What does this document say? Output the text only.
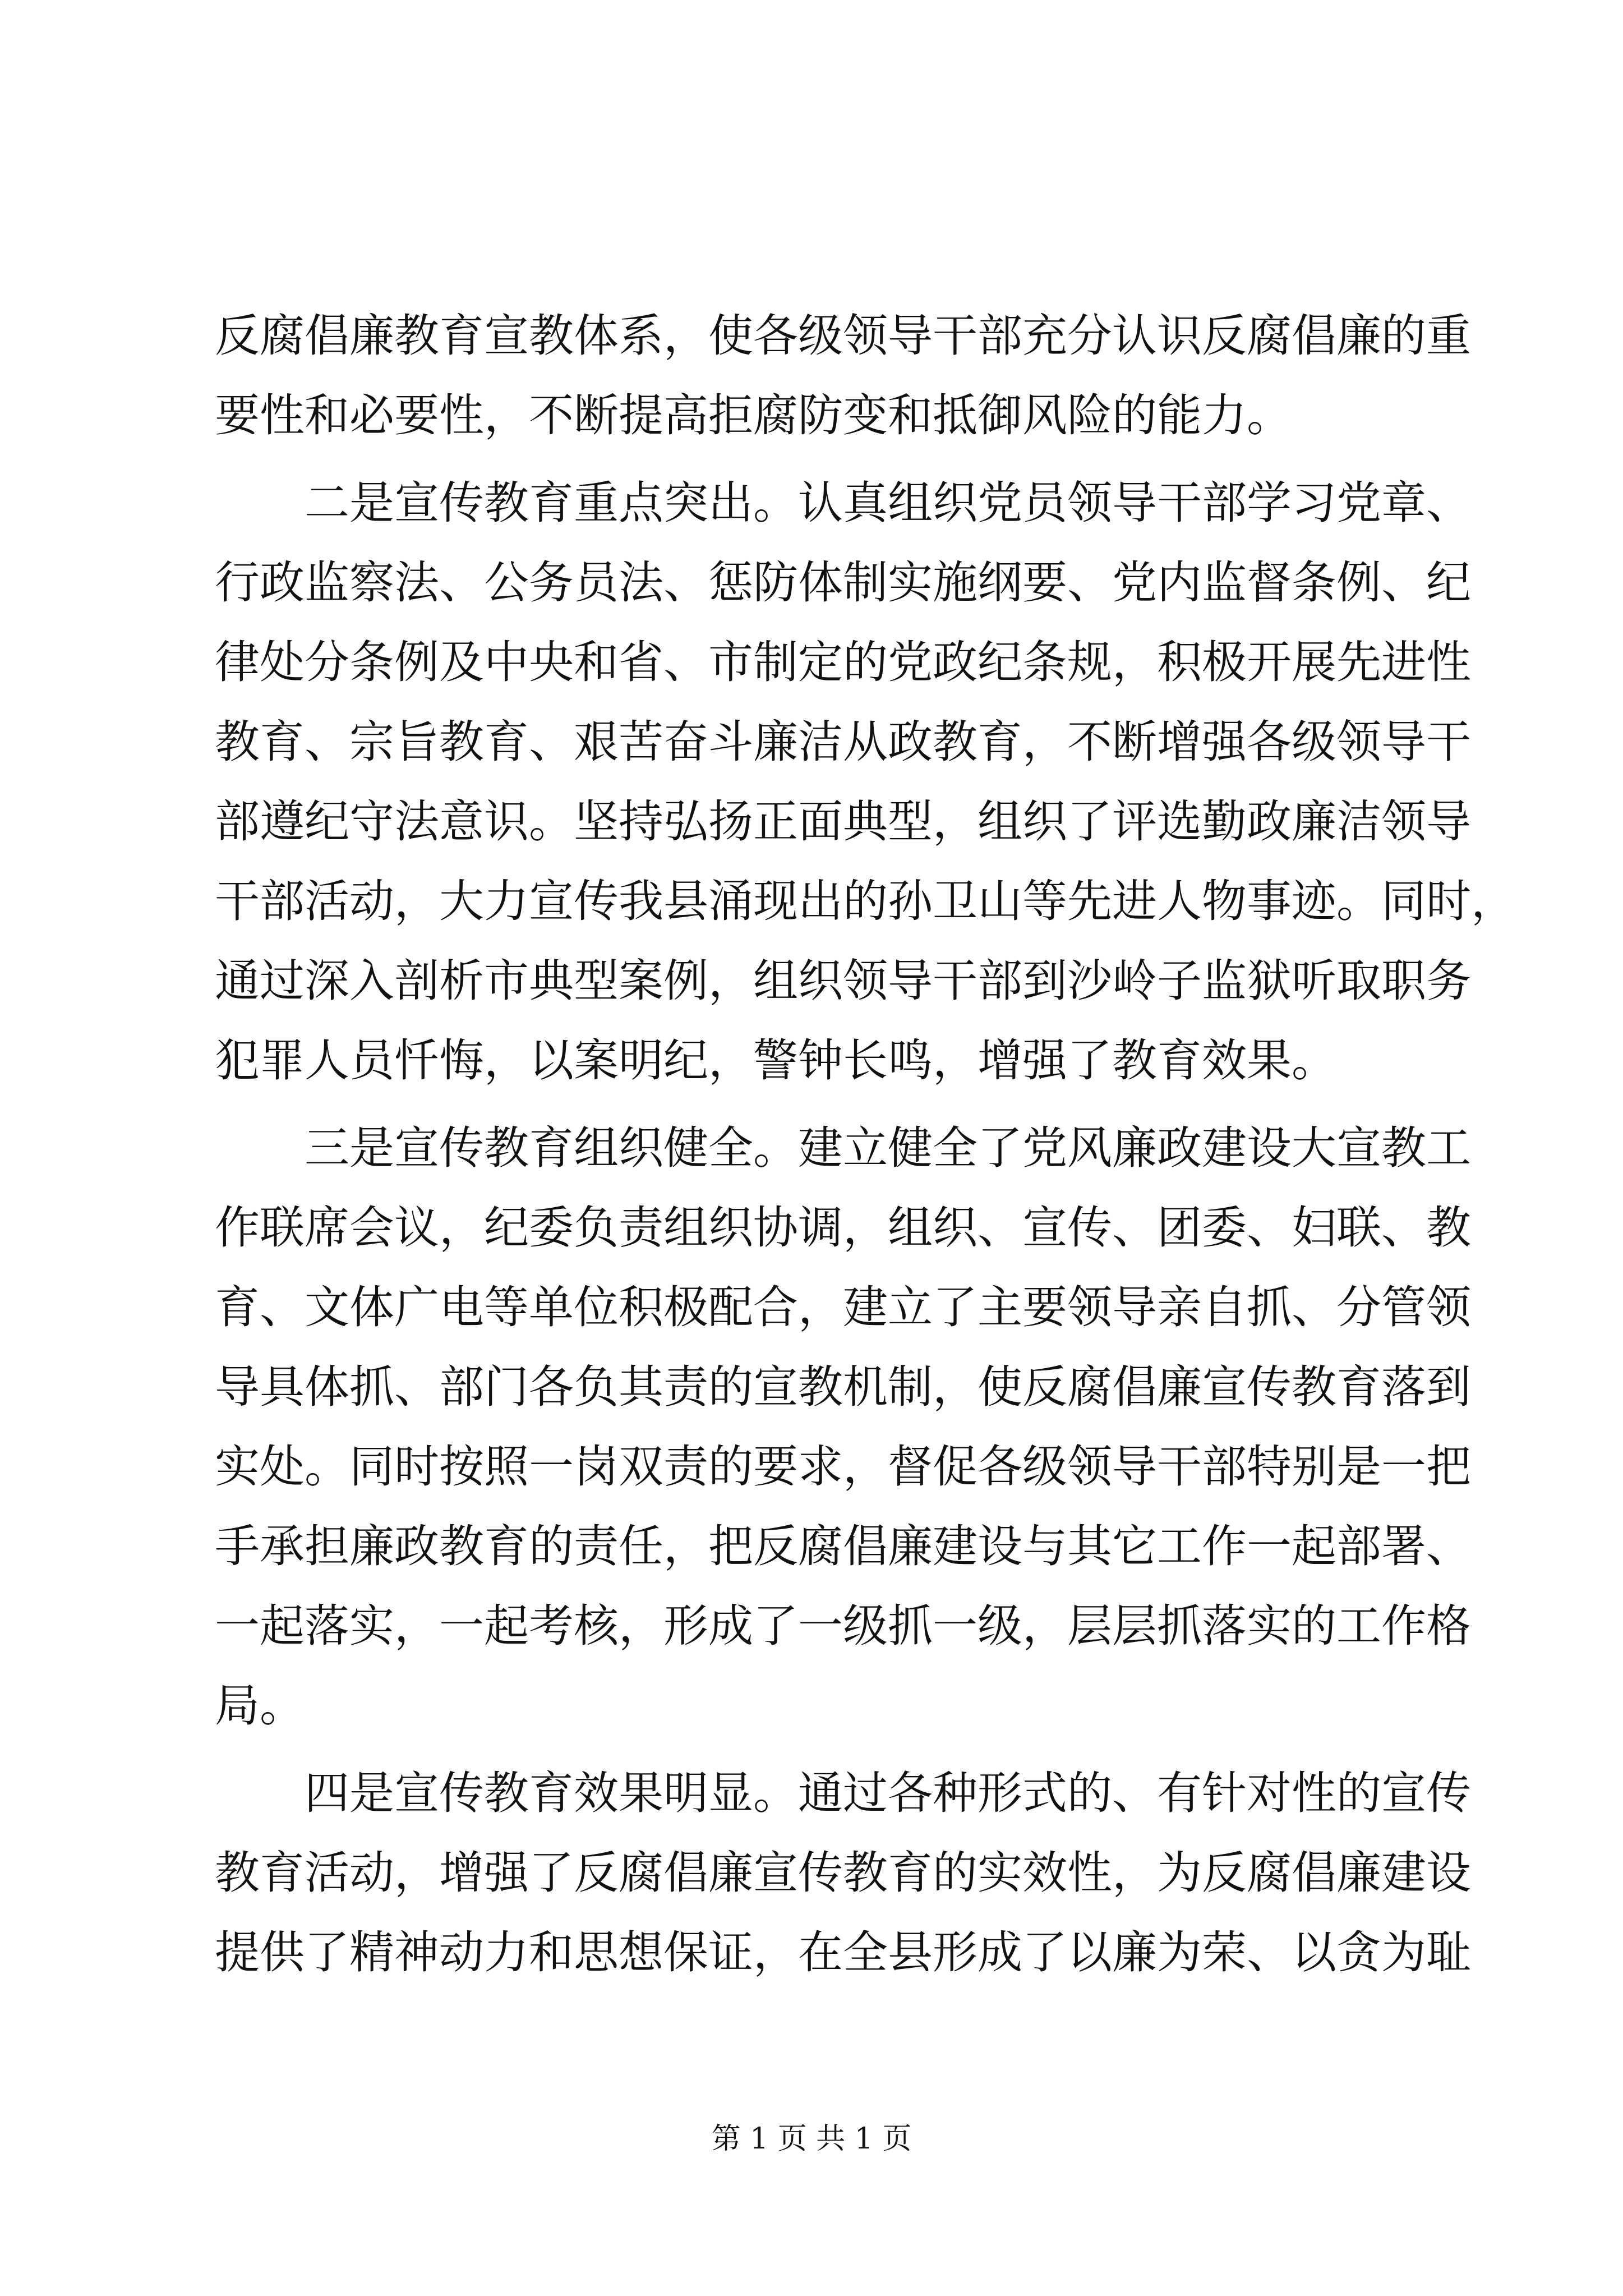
反腐倡廉教育宣教体系，使各级领导干部充分认识反腐倡廉的重
要性和必要性，不断提高拒腐防变和抵御风险的能力。
二是宣传教育重点突出。认真组织党员领导干部学习党章、
行政监察法、公务员法、惩防体制实施纲要、党内监督条例、纪
律处分条例及中央和省、市制定的党政纪条规，积极开展先进性
教育、宗旨教育、艰苦奋斗廉洁从政教育，不断增强各级领导干
部遵纪守法意识。坚持弘扬正面典型，组织了评选勤政廉洁领导
干部活动，大力宣传我县涌现出的孙卫山等先进人物事迹。同时，
通过深入剖析市典型案例，组织领导干部到沙岭子监狱听取职务
犯罪人员忏悔，以案明纪，警钟长鸣，增强了教育效果。
三是宣传教育组织健全。建立健全了党风廉政建设大宣教工
作联席会议，纪委负责组织协调，组织、宣传、团委、妇联、教
育、文体广电等单位积极配合，建立了主要领导亲自抓、分管领
导具体抓、部门各负其责的宣教机制，使反腐倡廉宣传教育落到
实处。同时按照一岗双责的要求，督促各级领导干部特别是一把
手承担廉政教育的责任，把反腐倡廉建设与其它工作一起部署、
一起落实，一起考核，形成了一级抓一级，层层抓落实的工作格
局。
四是宣传教育效果明显。通过各种形式的、有针对性的宣传
教育活动，增强了反腐倡廉宣传教育的实效性，为反腐倡廉建设
提供了精神动力和思想保证，在全县形成了以廉为荣、以贪为耻
第 1 页 共 1 页
